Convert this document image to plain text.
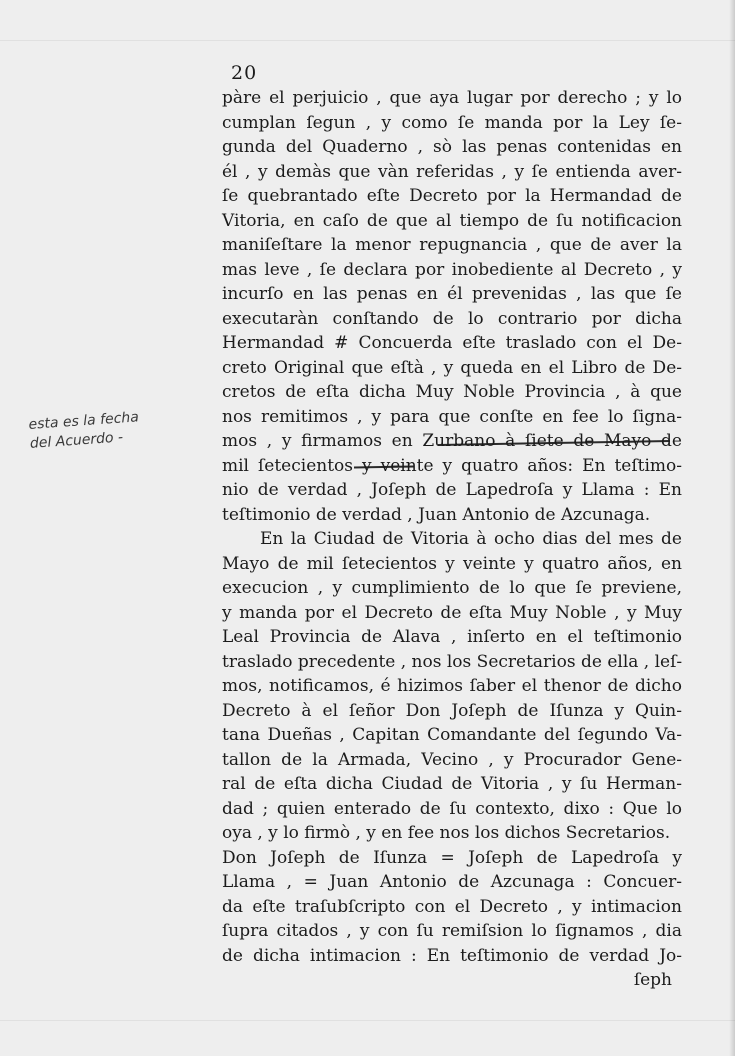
20
esta es la fecha
del Acuerdo -
pàre el perjuicio , que aya lugar por derecho ; y lo
cumplan ſegun , y como ſe manda por la Ley ſe-
gunda del Quaderno , sò las penas contenidas en
él , y demàs que vàn referidas , y ſe entienda aver-
ſe quebrantado eſte Decreto por la Hermandad de
Vitoria, en caſo de que al tiempo de ſu notificacion
maniſeſtare la menor repugnancia , que de aver la
mas leve , ſe declara por inobediente al Decreto , y
incurſo en las penas en él prevenidas , las que ſe
executaràn conſtando de lo contrario por dicha
Hermandad # Concuerda eſte traslado con el De-
creto Original que eſtà , y queda en el Libro de De-
cretos de eſta dicha Muy Noble Provincia , à que
nos remitimos , y para que conſte en fee lo ſigna-
mos , y firmamos en Zurbano à ſiete de Mayo de
mil ſetecientos y veinte y quatro años: En teſtimo-
nio de verdad , Joſeph de Lapedroſa y Llama : En
teſtimonio de verdad , Juan Antonio de Azcunaga.
En la Ciudad de Vitoria à ocho dias del mes de
Mayo de mil ſetecientos y veinte y quatro años, en
execucion , y cumplimiento de lo que ſe previene,
y manda por el Decreto de eſta Muy Noble , y Muy
Leal Provincia de Alava , inſerto en el teſtimonio
traslado precedente , nos los Secretarios de ella , leſ-
mos, notificamos, é hizimos ſaber el thenor de dicho
Decreto à el ſeñor Don Joſeph de Iſunza y Quin-
tana Dueñas , Capitan Comandante del ſegundo Va-
tallon de la Armada, Vecino , y Procurador Gene-
ral de eſta dicha Ciudad de Vitoria , y ſu Herman-
dad ; quien enterado de ſu contexto, dixo : Que lo
oya , y lo firmò , y en fee nos los dichos Secretarios.
Don Joſeph de Iſunza = Joſeph de Lapedroſa y
Llama , = Juan Antonio de Azcunaga : Concuer-
da eſte traſubſcripto con el Decreto , y intimacion
ſupra citados , y con ſu remiſsion lo ſignamos , dia
de dicha intimacion : En teſtimonio de verdad Jo-
ſeph
